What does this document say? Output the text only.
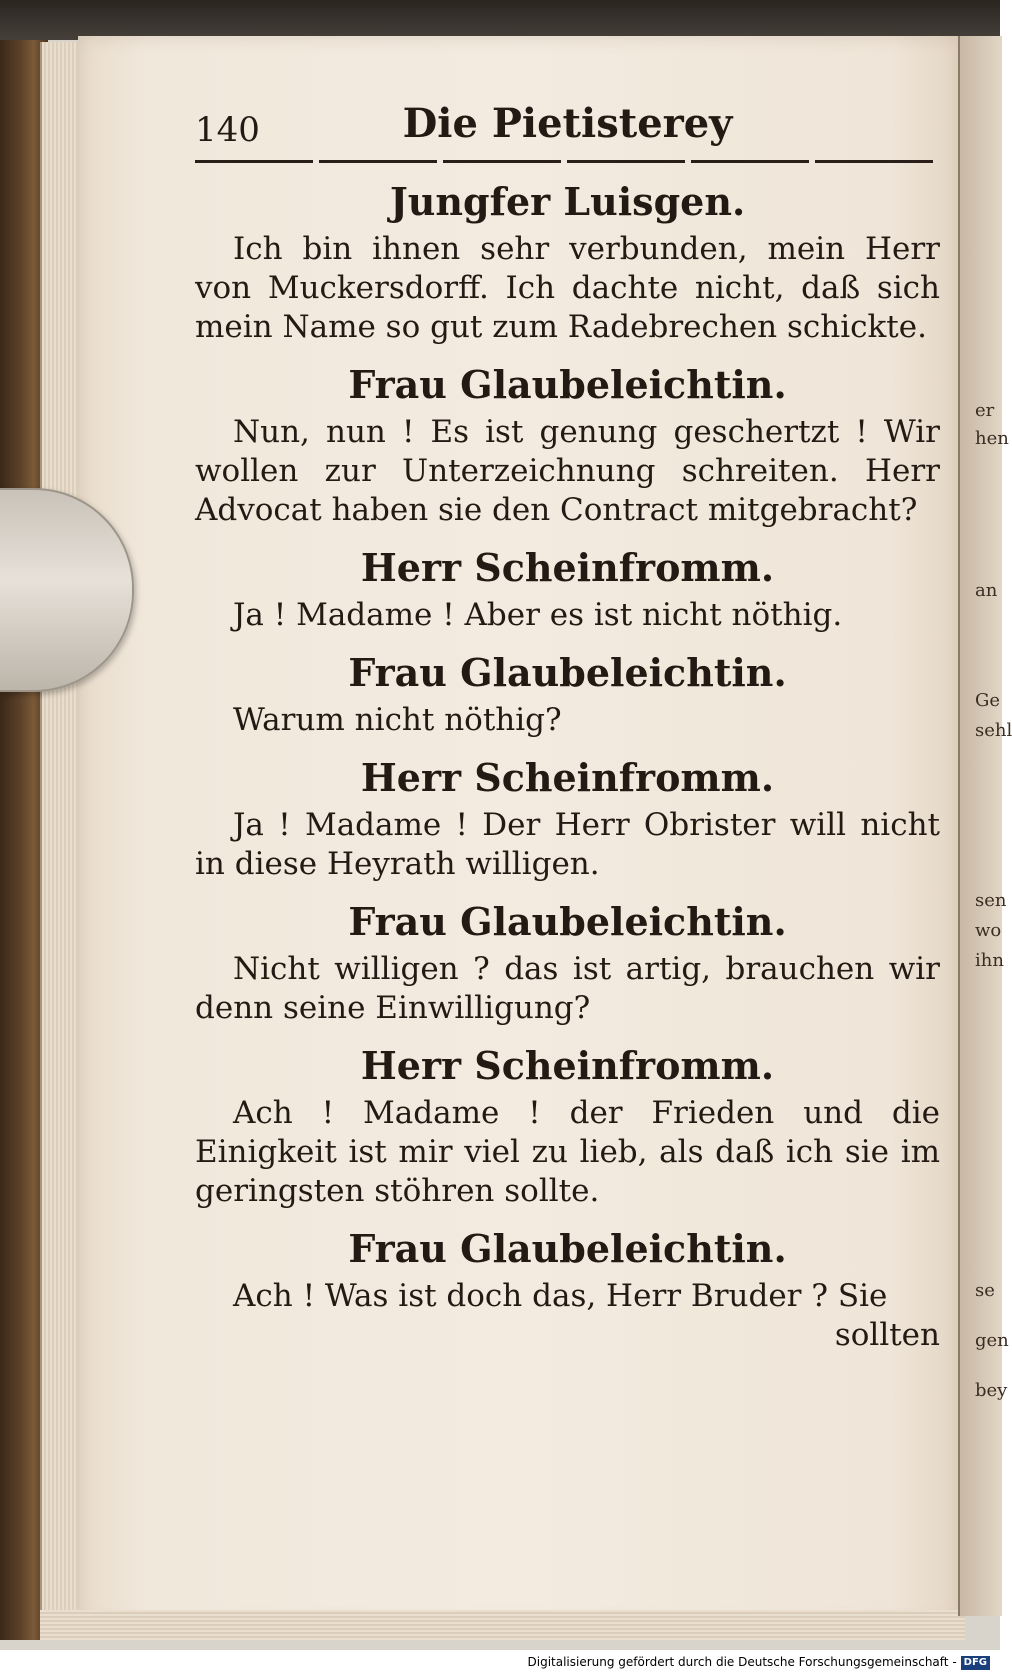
er
hen
an
Ge
sehl
sen
wo
ihn
se
gen
bey
140	Die Pietisterey
Jungfer Luisgen.
Ich bin ihnen sehr verbunden, mein Herr von Muckersdorff. Ich dachte nicht, daß sich mein Name so gut zum Radebrechen schickte.
Frau Glaubeleichtin.
Nun, nun ! Es ist genung geschertzt ! Wir wollen zur Unterzeichnung schreiten. Herr Advocat haben sie den Contract mitgebracht?
Herr Scheinfromm.
Ja ! Madame ! Aber es ist nicht nöthig.
Frau Glaubeleichtin.
Warum nicht nöthig?
Herr Scheinfromm.
Ja ! Madame ! Der Herr Obrister will nicht in diese Heyrath willigen.
Frau Glaubeleichtin.
Nicht willigen ? das ist artig, brauchen wir denn seine Einwilligung?
Herr Scheinfromm.
Ach ! Madame ! der Frieden und die Einigkeit ist mir viel zu lieb, als daß ich sie im geringsten stöhren sollte.
Frau Glaubeleichtin.
Ach ! Was ist doch das, Herr Bruder ? Sie
sollten
Digitalisierung gefördert durch die Deutsche Forschungsgemeinschaft - DFG
